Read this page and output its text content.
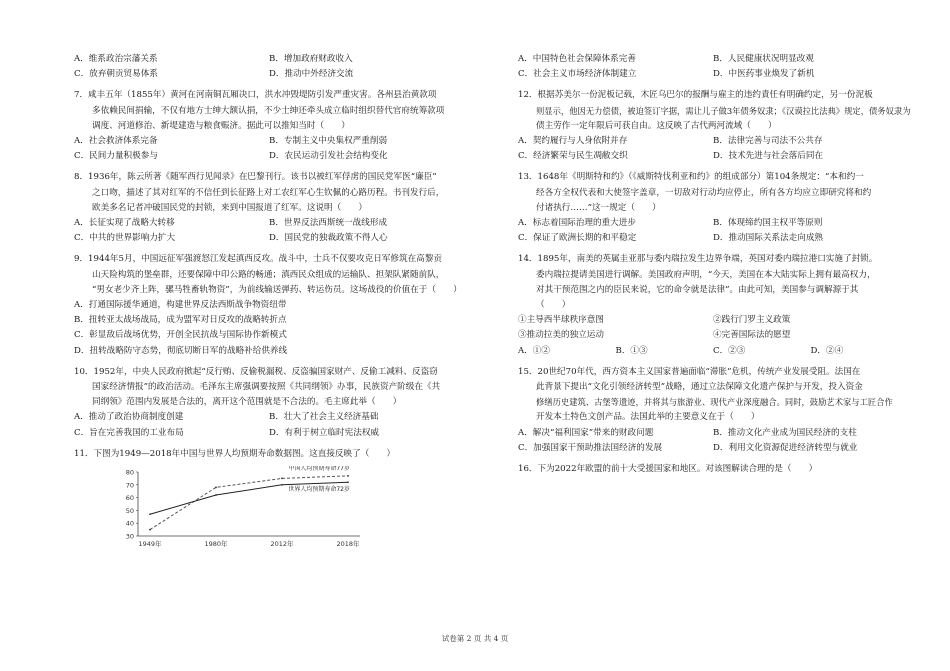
A．维系政治宗藩关系	B．增加政府财政收入
C．放弃朝贡贸易体系	D．推动中外经济交流

7．咸丰五年（1855年）黄河在河南铜瓦厢决口，洪水冲毁堤防引发严重灾害。各州县治黄款项

多依赖民间捐输，不仅有地方士绅大额认捐，不少士绅还牵头成立临时组织替代官府统筹款项

调度、河道修治、新堤建造与粮食赈济。据此可以推知当时（　　）

A．社会救济体系完备	B．专制主义中央集权严重削弱
C．民间力量积极参与	D．农民运动引发社会结构变化

8．1936年，陈云所著《随军西行见闻录》在巴黎刊行。该书以被红军俘虏的国民党军医“廉臣”

之口吻，描述了其对红军的不信任到长征路上对工农红军心生钦佩的心路历程。书刊发行后，

欧美多名记者冲破国民党的封锁，来到中国报道了红军。这说明（　　）

A．长征实现了战略大转移	B．世界反法西斯统一战线形成
C．中共的世界影响力扩大	D．国民党的独裁政策不得人心

9．1944年5月，中国远征军强渡怒江发起滇西反攻。战斗中，士兵不仅要攻克日军修筑在高黎贡

山天险构筑的堡垒群，还要保障中印公路的畅通；滇西民众组成的运输队、担架队紧随前队，

“男女老少齐上阵，骡马牲畜轨物资”，为前线输送弹药、转运伤员。这场战役的价值在于（　　）

A．打通国际援华通道，构建世界反法西斯战争物资纽带
B．扭转亚太战场战局，成为盟军对日反攻的战略转折点
C．彰显敌后战场优势，开创全民抗战与国际协作新模式
D．扭转战略防守态势，彻底切断日军的战略补给供养线

10．1952年，中央人民政府掀起“反行贿、反偷税漏税、反盗骗国家财产、反偷工减料、反盗窃

国家经济情报”的政治活动。毛泽东主席强调要按照《共同纲领》办事，民族资产阶级在《共

同纲领》范围内发展是合法的，离开这个范围就是不合法的。毛主席此举（　　）

A．推动了政治协商制度创建	B．壮大了社会主义经济基础
C．旨在完善我国的工业布局	D．有利于树立临时宪法权威

11．下图为1949—2018年中国与世界人均预期寿命数据图。这直接反映了（　　）

80
70
60
50
40
30
1949年	1980年	2012年	2018年
中国人均预期寿命77岁
世界人均预期寿命72岁
A．中国特色社会保障体系完善	B．人民健康状况明显改观
C．社会主义市场经济体制建立	D．中医药事业焕发了新机

12．根据苏美尔一份泥板记载，木匠乌巴尔的报酬与雇主的违约責任有明确约定，另一份泥板

则显示，他因无力偿债，被迫签订字据，需让儿子做3年债务奴隶；《汉谟拉比法典》规定，债务奴隶为

债主劳作一定年限后可获自由。这反映了古代两河流域（　　）

A．契约履行与人身依附并存	B．法律完善与司法不公共存
C．经济繁荣与民生凋敝交织	D．技术先进与社会落后同在

13．1648年《明斯特和约》（《威斯特伐利亚和约》的组成部分）第104条规定：“本和约一

经各方全权代表和大使签字盖章，一切敌对行动均应停止，所有各方均应立即研究将和约

付诸执行……”这一规定（　　）

A．标志着国际治理的重大进步	B．体现缔约国主权平等原则
C．保证了欧洲长期的和平稳定	D．推动国际关系法走向成熟

14．1895年，南美的英属圭亚那与委内瑞拉发生边界争端，英国对委内瑞拉港口实施了封锁。

委内瑞拉提请美国进行调解。美国政府声明，“今天，美国在本大陆实际上拥有最高权力，

对其干预范围之内的臣民来说，它的命令就是法律”。由此可知，美国参与调解源于其

（　　）

①主导西半球秩序意图	②践行门罗主义政策
③推动拉美的独立运动	④完善国际法的愿望
A．①②	B．①③	C．②③	D．②④

15．20世纪70年代，西方资本主义国家普遍面临“滞胀”危机，传统产业发展受阻。法国在

此背景下提出“文化引领经济转型”战略，通过立法保障文化遗产保护与开发，投入资金

修缮历史建筑、古堡等遗迹，并将其与旅游业、现代产业深度融合。同时，鼓励艺术家与工匠合作

开发本土特色文创产品。法国此举的主要意义在于（　　）

A．解决“福利国家”带来的财政问题	B．推动文化产业成为国民经济的支柱
C．加强国家干预助推法国经济的发展	D．利用文化资源促进经济转型与就业

16．下为2022年欧盟的前十大受援国家和地区。对该图解读合理的是（　　）

试卷第 2 页 共 4 页
